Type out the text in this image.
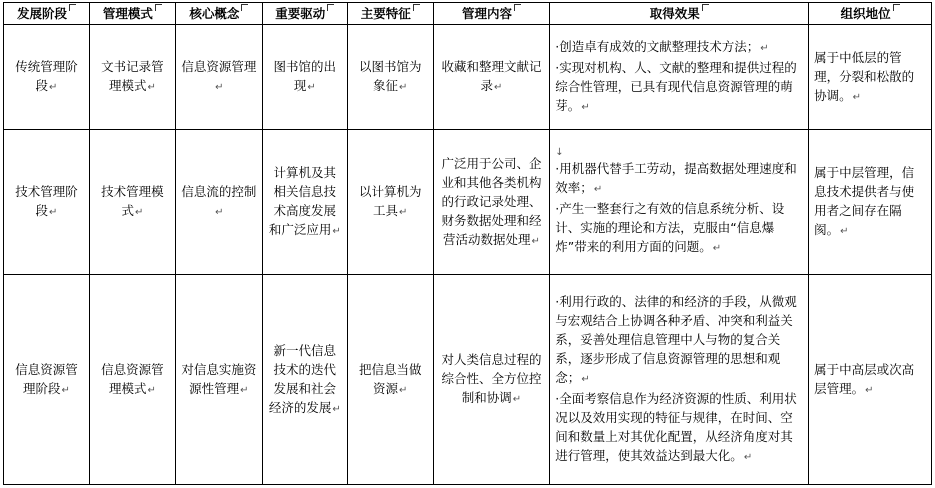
发展阶段	管理模式	核心概念	重要驱动	主要特征	管理内容	取得效果	组织地位
传统管理阶段 ↵	文书记录管理模式 ↵	信息资源管理 ↵	图书馆的出现 ↵	以图书馆为象征 ↵	收藏和整理文献记录 ↵	·创造卓有成效的文献整理技术方法； ↵
·实现对机构、人、文献的整理和提供过程的综合性管理，已具有现代信息资源管理的萌芽。 ↵	属于中低层的管理，分裂和松散的协调。 ↵
技术管理阶段 ↵	技术管理模式 ↵	信息流的控制 ↵	计算机及其相关信息技术高度发展和广泛应用 ↵	以计算机为工具 ↵	广泛用于公司、企业和其他各类机构的行政记录处理、财务数据处理和经营活动数据处理 ↵	
↓
·用机器代替手工劳动，提高数据处理速度和效率； ↵
·产生一整套行之有效的信息系统分析、设计、实施的理论和方法，克服由“信息爆炸”带来的利用方面的问题。 ↵	属于中层管理，信息技术提供者与使用者之间存在隔阂。 ↵
信息资源管理阶段 ↵	信息资源管理模式 ↵	对信息实施资源性管理 ↵	新一代信息技术的迭代发展和社会经济的发展 ↵	把信息当做资源 ↵	对人类信息过程的综合性、全方位控制和协调 ↵	·利用行政的、法律的和经济的手段，从微观与宏观结合上协调各种矛盾、冲突和利益关系，妥善处理信息管理中人与物的复合关系，逐步形成了信息资源管理的思想和观念； ↵
·全面考察信息作为经济资源的性质、利用状况以及效用实现的特征与规律，在时间、空间和数量上对其优化配置，从经济角度对其进行管理，使其效益达到最大化。 ↵	属于中高层或次高层管理。 ↵
